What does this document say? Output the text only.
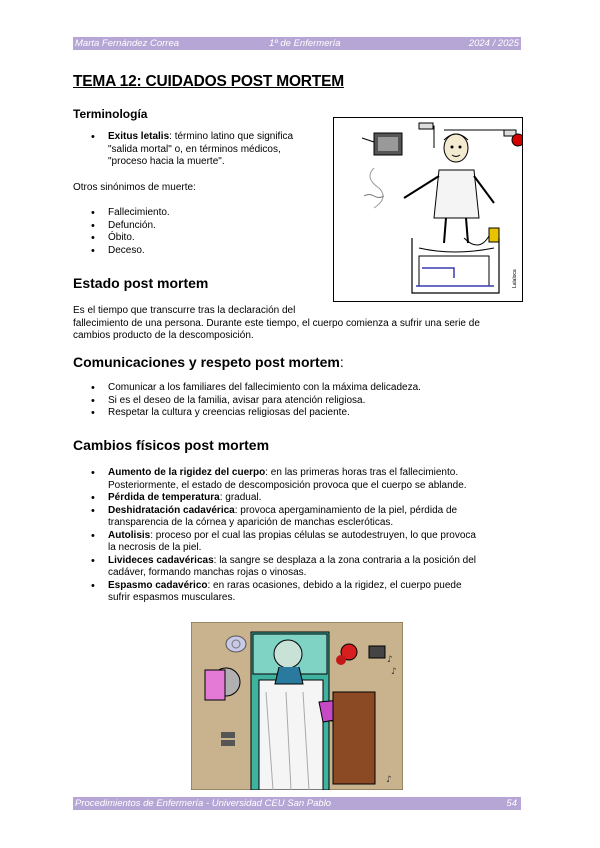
Marta Fernández Correa	1º de Enfermería	2024 / 2025
TEMA 12: CUIDADOS POST MORTEM
Terminología
• Exitus letalis: término latino que significa
"salida mortal" o, en términos médicos,
"proceso hacia la muerte".
Otros sinónimos de muerte:
• Fallecimiento.
• Defunción.
• Óbito.
• Deceso.
Lalaloca
Estado post mortem
Es el tiempo que transcurre tras la declaración del
fallecimiento de una persona. Durante este tiempo, el cuerpo comienza a sufrir una serie de
cambios producto de la descomposición.
Comunicaciones y respeto post mortem:
• Comunicar a los familiares del fallecimiento con la máxima delicadeza.
• Si es el deseo de la familia, avisar para atención religiosa.
• Respetar la cultura y creencias religiosas del paciente.
Cambios físicos post mortem
• Aumento de la rigidez del cuerpo: en las primeras horas tras el fallecimiento.
Posteriormente, el estado de descomposición provoca que el cuerpo se ablande.
• Pérdida de temperatura: gradual.
• Deshidratación cadavérica: provoca apergaminamiento de la piel, pérdida de
transparencia de la córnea y aparición de manchas escleróticas.
• Autolisis: proceso por el cual las propias células se autodestruyen, lo que provoca
la necrosis de la piel.
• Livideces cadavéricas: la sangre se desplaza a la zona contraria a la posición del
cadáver, formando manchas rojas o vinosas.
• Espasmo cadavérico: en raras ocasiones, debido a la rigidez, el cuerpo puede
sufrir espasmos musculares.
♪
♪
♪
Procedimientos de Enfermería - Universidad CEU San Pablo	54
